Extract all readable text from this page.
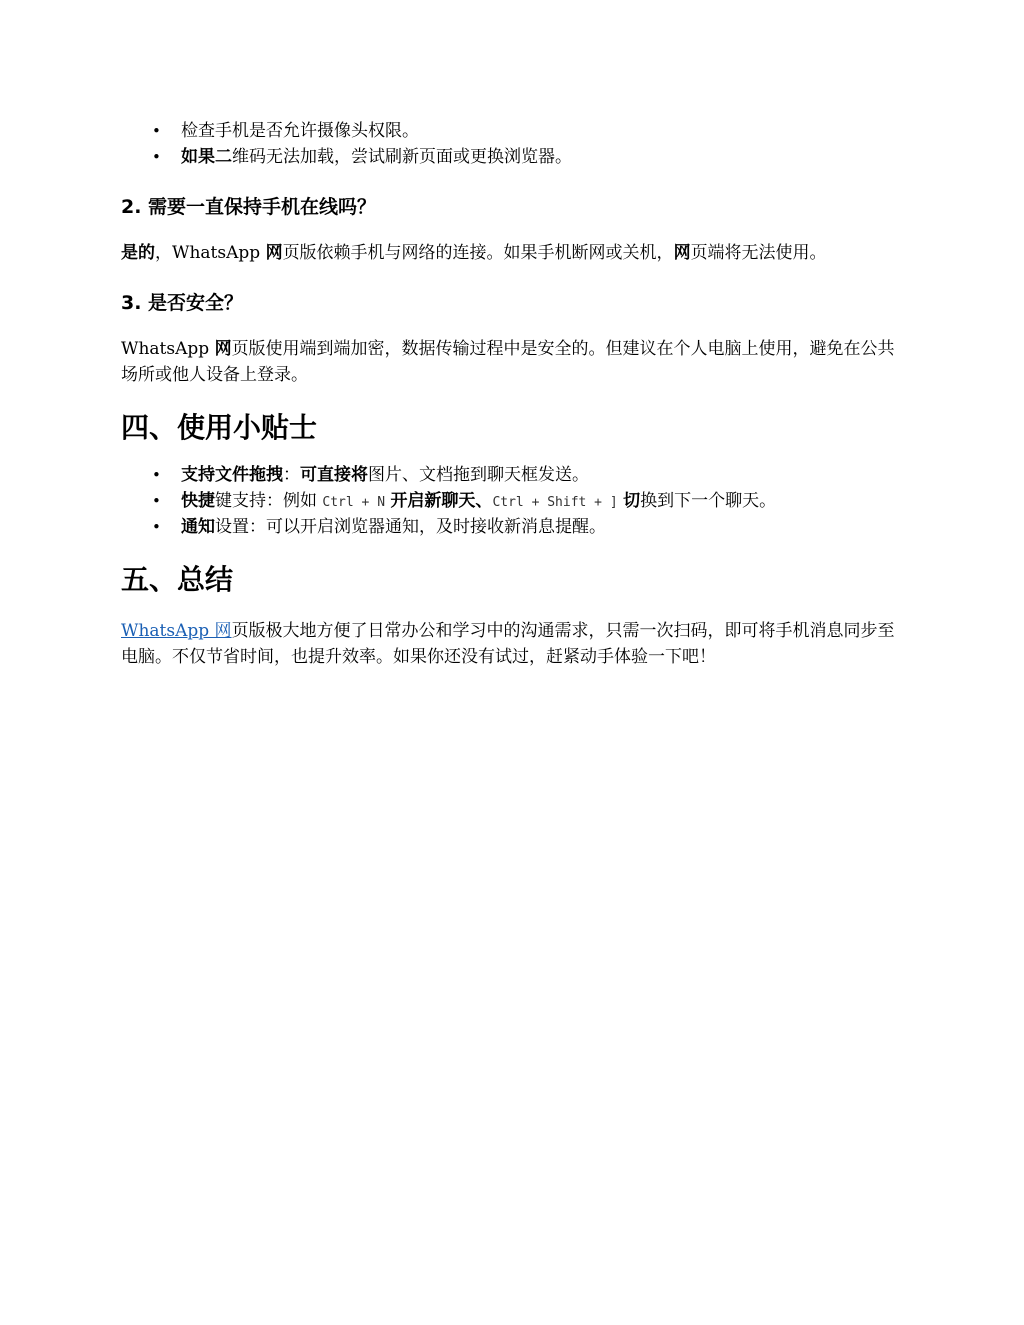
• 检查手机是否允许摄像头权限。
• 如果二维码无法加载，尝试刷新页面或更换浏览器。
2. 需要一直保持手机在线吗？

是的，WhatsApp 网页版依赖手机与网络的连接。如果手机断网或关机，网页端将无法使用。

3. 是否安全？

WhatsApp 网页版使用端到端加密，数据传输过程中是安全的。但建议在个人电脑上使用，避免在公共场所或他人设备上登录。

四、使用小贴士
• 支持文件拖拽：可直接将图片、文档拖到聊天框发送。
• 快捷键支持：例如 Ctrl + N 开启新聊天、Ctrl + Shift + ] 切换到下一个聊天。
• 通知设置：可以开启浏览器通知，及时接收新消息提醒。
五、总结

WhatsApp 网页版极大地方便了日常办公和学习中的沟通需求，只需一次扫码，即可将手机消息同步至电脑。不仅节省时间，也提升效率。如果你还没有试过，赶紧动手体验一下吧！
